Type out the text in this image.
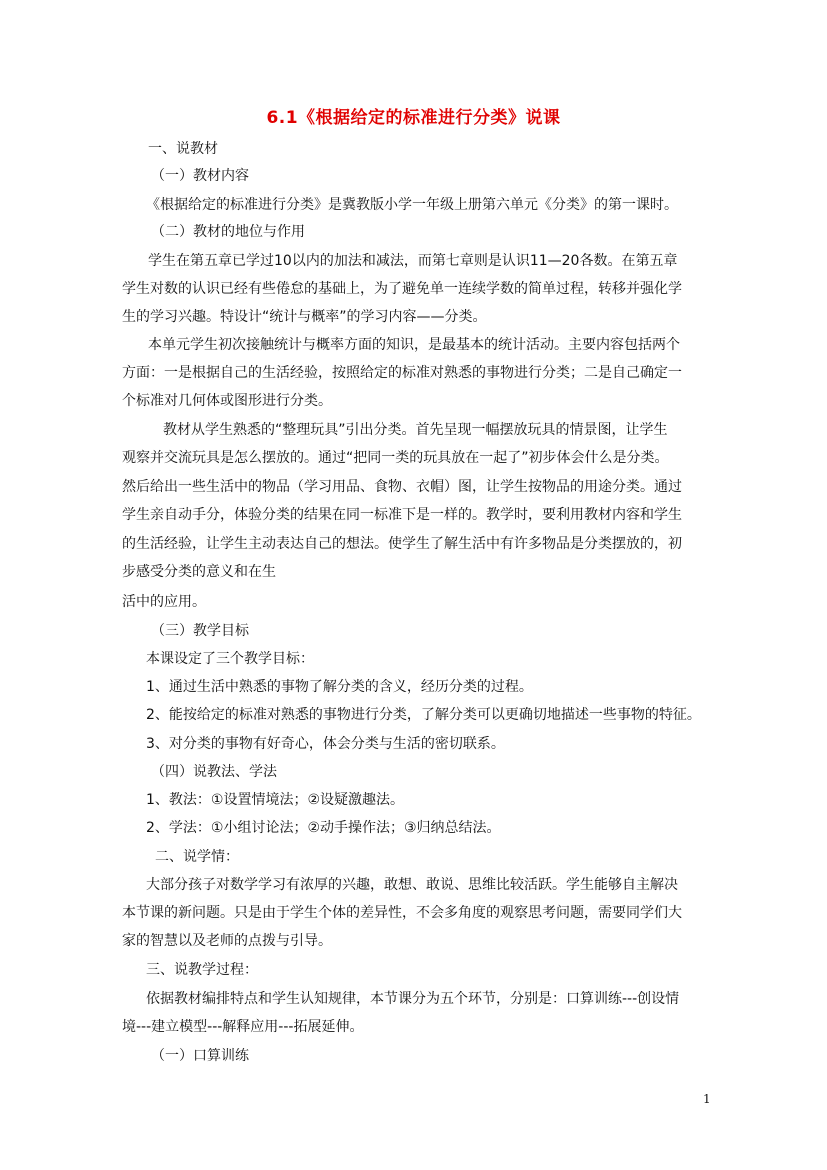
6.1《根据给定的标准进行分类》说课
一、说教材
（一）教材内容
《根据给定的标准进行分类》是冀教版小学一年级上册第六单元《分类》的第一课时。
（二）教材的地位与作用
学生在第五章已学过10以内的加法和减法，而第七章则是认识11—20各数。在第五章
学生对数的认识已经有些倦怠的基础上，为了避免单一连续学数的简单过程，转移并强化学
生的学习兴趣。特设计“统计与概率”的学习内容——分类。
本单元学生初次接触统计与概率方面的知识，是最基本的统计活动。主要内容包括两个
方面：一是根据自己的生活经验，按照给定的标准对熟悉的事物进行分类；二是自己确定一
个标准对几何体或图形进行分类。
教材从学生熟悉的“整理玩具”引出分类。首先呈现一幅摆放玩具的情景图，让学生
观察并交流玩具是怎么摆放的。通过“把同一类的玩具放在一起了”初步体会什么是分类。
然后给出一些生活中的物品（学习用品、食物、衣帽）图，让学生按物品的用途分类。通过
学生亲自动手分，体验分类的结果在同一标准下是一样的。教学时，要利用教材内容和学生
的生活经验，让学生主动表达自己的想法。使学生了解生活中有许多物品是分类摆放的，初
步感受分类的意义和在生
活中的应用。
（三）教学目标
本课设定了三个教学目标：
1、通过生活中熟悉的事物了解分类的含义，经历分类的过程。
2、能按给定的标准对熟悉的事物进行分类，了解分类可以更确切地描述一些事物的特征。
3、对分类的事物有好奇心，体会分类与生活的密切联系。
（四）说教法、学法
1、教法：①设置情境法；②设疑激趣法。
2、学法：①小组讨论法；②动手操作法；③归纳总结法。
二、说学情：
大部分孩子对数学学习有浓厚的兴趣，敢想、敢说、思维比较活跃。学生能够自主解决
本节课的新问题。只是由于学生个体的差异性，不会多角度的观察思考问题，需要同学们大
家的智慧以及老师的点拨与引导。
三、说教学过程：
依据教材编排特点和学生认知规律，本节课分为五个环节，分别是：口算训练---创设情
境---建立模型---解释应用---拓展延伸。
（一）口算训练
1
